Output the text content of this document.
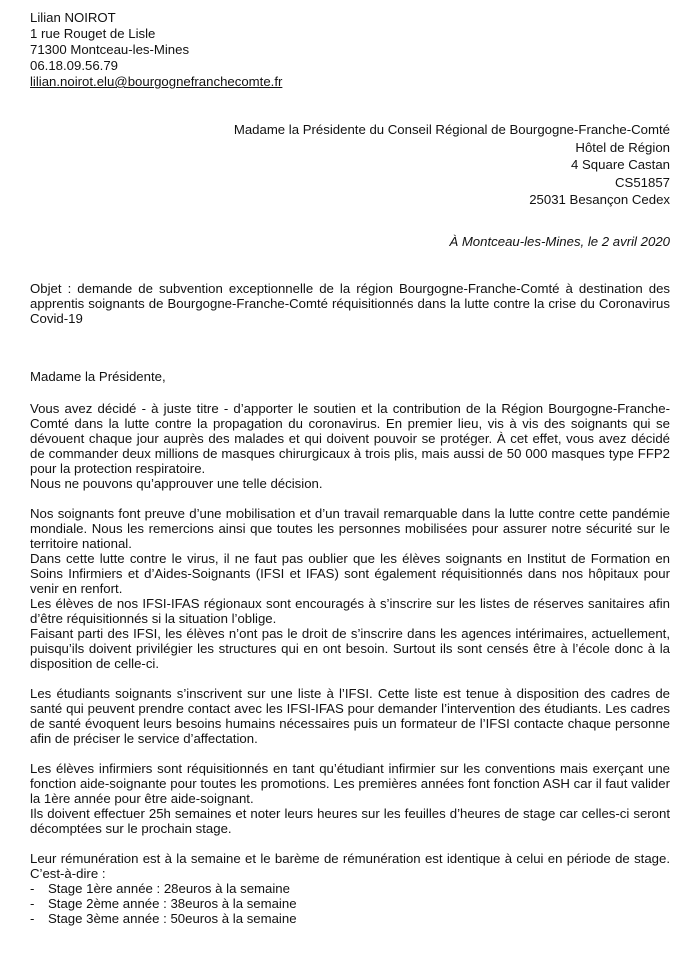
Lilian NOIROT
1 rue Rouget de Lisle
71300 Montceau-les-Mines
06.18.09.56.79
lilian.noirot.elu@bourgognefranchecomte.fr
Madame la Présidente du Conseil Régional de Bourgogne-Franche-Comté
Hôtel de Région
4 Square Castan
CS51857
25031 Besançon Cedex
À Montceau-les-Mines, le 2 avril 2020
Objet : demande de subvention exceptionnelle de la région Bourgogne-Franche-Comté à destination des apprentis soignants de Bourgogne-Franche-Comté réquisitionnés dans la lutte contre la crise du Coronavirus Covid-19
Madame la Présidente,

Vous avez décidé - à juste titre - d’apporter le soutien et la contribution de la Région Bourgogne-Franche-Comté dans la lutte contre la propagation du coronavirus. En premier lieu, vis à vis des soignants qui se dévouent chaque jour auprès des malades et qui doivent pouvoir se protéger. À cet effet, vous avez décidé de commander deux millions de masques chirurgicaux à trois plis, mais aussi de 50 000 masques type FFP2 pour la protection respiratoire.

Nous ne pouvons qu’approuver une telle décision.

Nos soignants font preuve d’une mobilisation et d’un travail remarquable dans la lutte contre cette pandémie mondiale. Nous les remercions ainsi que toutes les personnes mobilisées pour assurer notre sécurité sur le territoire national.

Dans cette lutte contre le virus, il ne faut pas oublier que les élèves soignants en Institut de Formation en Soins Infirmiers et d’Aides-Soignants (IFSI et IFAS) sont également réquisitionnés dans nos hôpitaux pour venir en renfort.

Les élèves de nos IFSI-IFAS régionaux sont encouragés à s’inscrire sur les listes de réserves sanitaires afin d’être réquisitionnés si la situation l’oblige.

Faisant parti des IFSI, les élèves n’ont pas le droit de s’inscrire dans les agences intérimaires, actuellement, puisqu’ils doivent privilégier les structures qui en ont besoin. Surtout ils sont censés être à l’école donc à la disposition de celle-ci.

Les étudiants soignants s’inscrivent sur une liste à l’IFSI. Cette liste est tenue à disposition des cadres de santé qui peuvent prendre contact avec les IFSI-IFAS pour demander l’intervention des étudiants. Les cadres de santé évoquent leurs besoins humains nécessaires puis un formateur de l’IFSI contacte chaque personne afin de préciser le service d’affectation.

Les élèves infirmiers sont réquisitionnés en tant qu’étudiant infirmier sur les conventions mais exerçant une fonction aide-soignante pour toutes les promotions. Les premières années font fonction ASH car il faut valider la 1ère année pour être aide-soignant.

Ils doivent effectuer 25h semaines et noter leurs heures sur les feuilles d’heures de stage car celles-ci seront décomptées sur le prochain stage.

Leur rémunération est à la semaine et le barème de rémunération est identique à celui en période de stage. C’est-à-dire :

- Stage 1ère année : 28euros à la semaine
- Stage 2ème année : 38euros à la semaine
- Stage 3ème année : 50euros à la semaine
